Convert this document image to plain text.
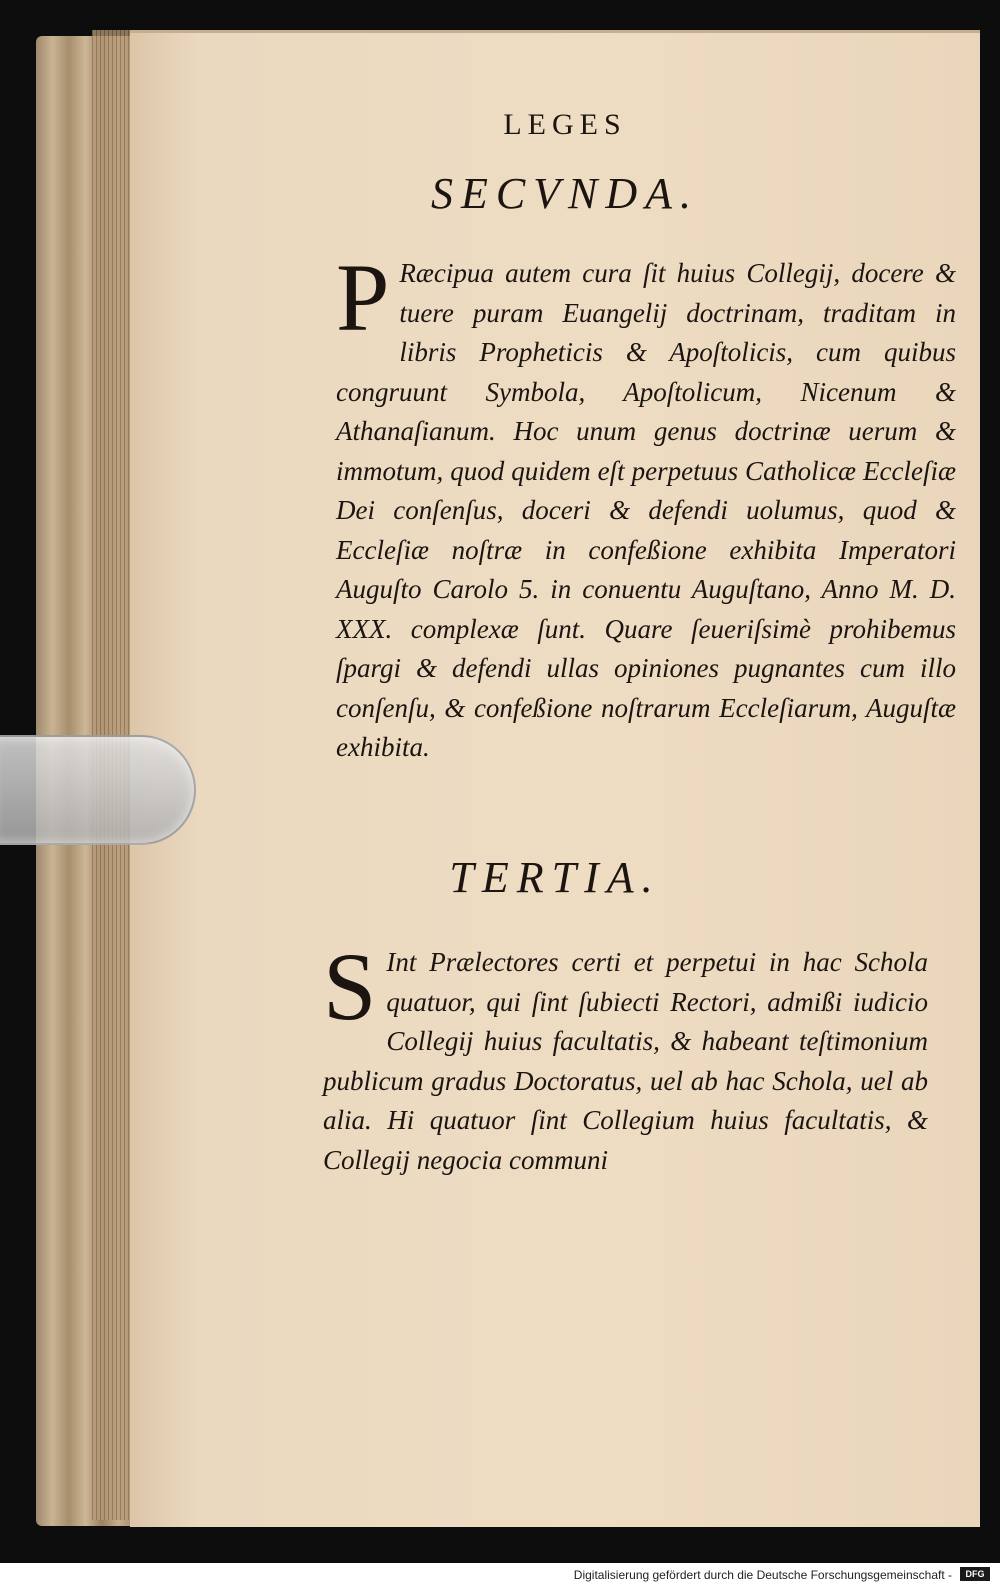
LEGES
SECVNDA.
P Ræcipua autem cura ſit huius Collegij, docere & tuere puram Euangelij doctrinam, traditam in libris Propheticis & Apoſtolicis, cum quibus congruunt Symbola, Apoſtolicum, Nicenum & Athanaſianum. Hoc unum genus doctrinæ uerum & immotum, quod quidem eſt perpetuus Catholicæ Eccleſiæ Dei conſenſus, doceri & defendi uolumus, quod & Eccleſiæ noſtræ in confeßione exhibita Imperatori Auguſto Carolo 5. in conuentu Auguſtano, Anno M. D. XXX. complexæ ſunt. Quare ſeueriſsimè prohibemus ſpargi & defendi ullas opiniones pugnantes cum illo conſenſu, & confeßione noſtrarum Eccleſiarum, Auguſtæ exhibita.
TERTIA.
S Int Prælectores certi et perpetui in hac Schola quatuor, qui ſint ſubiecti Rectori, admißi iudicio Collegij huius facultatis, & habeant teſtimonium publicum gradus Doctoratus, uel ab hac Schola, uel ab alia. Hi quatuor ſint Collegium huius facultatis, & Collegij negocia communi
Digitalisierung gefördert durch die Deutsche Forschungsgemeinschaft -	DFG
